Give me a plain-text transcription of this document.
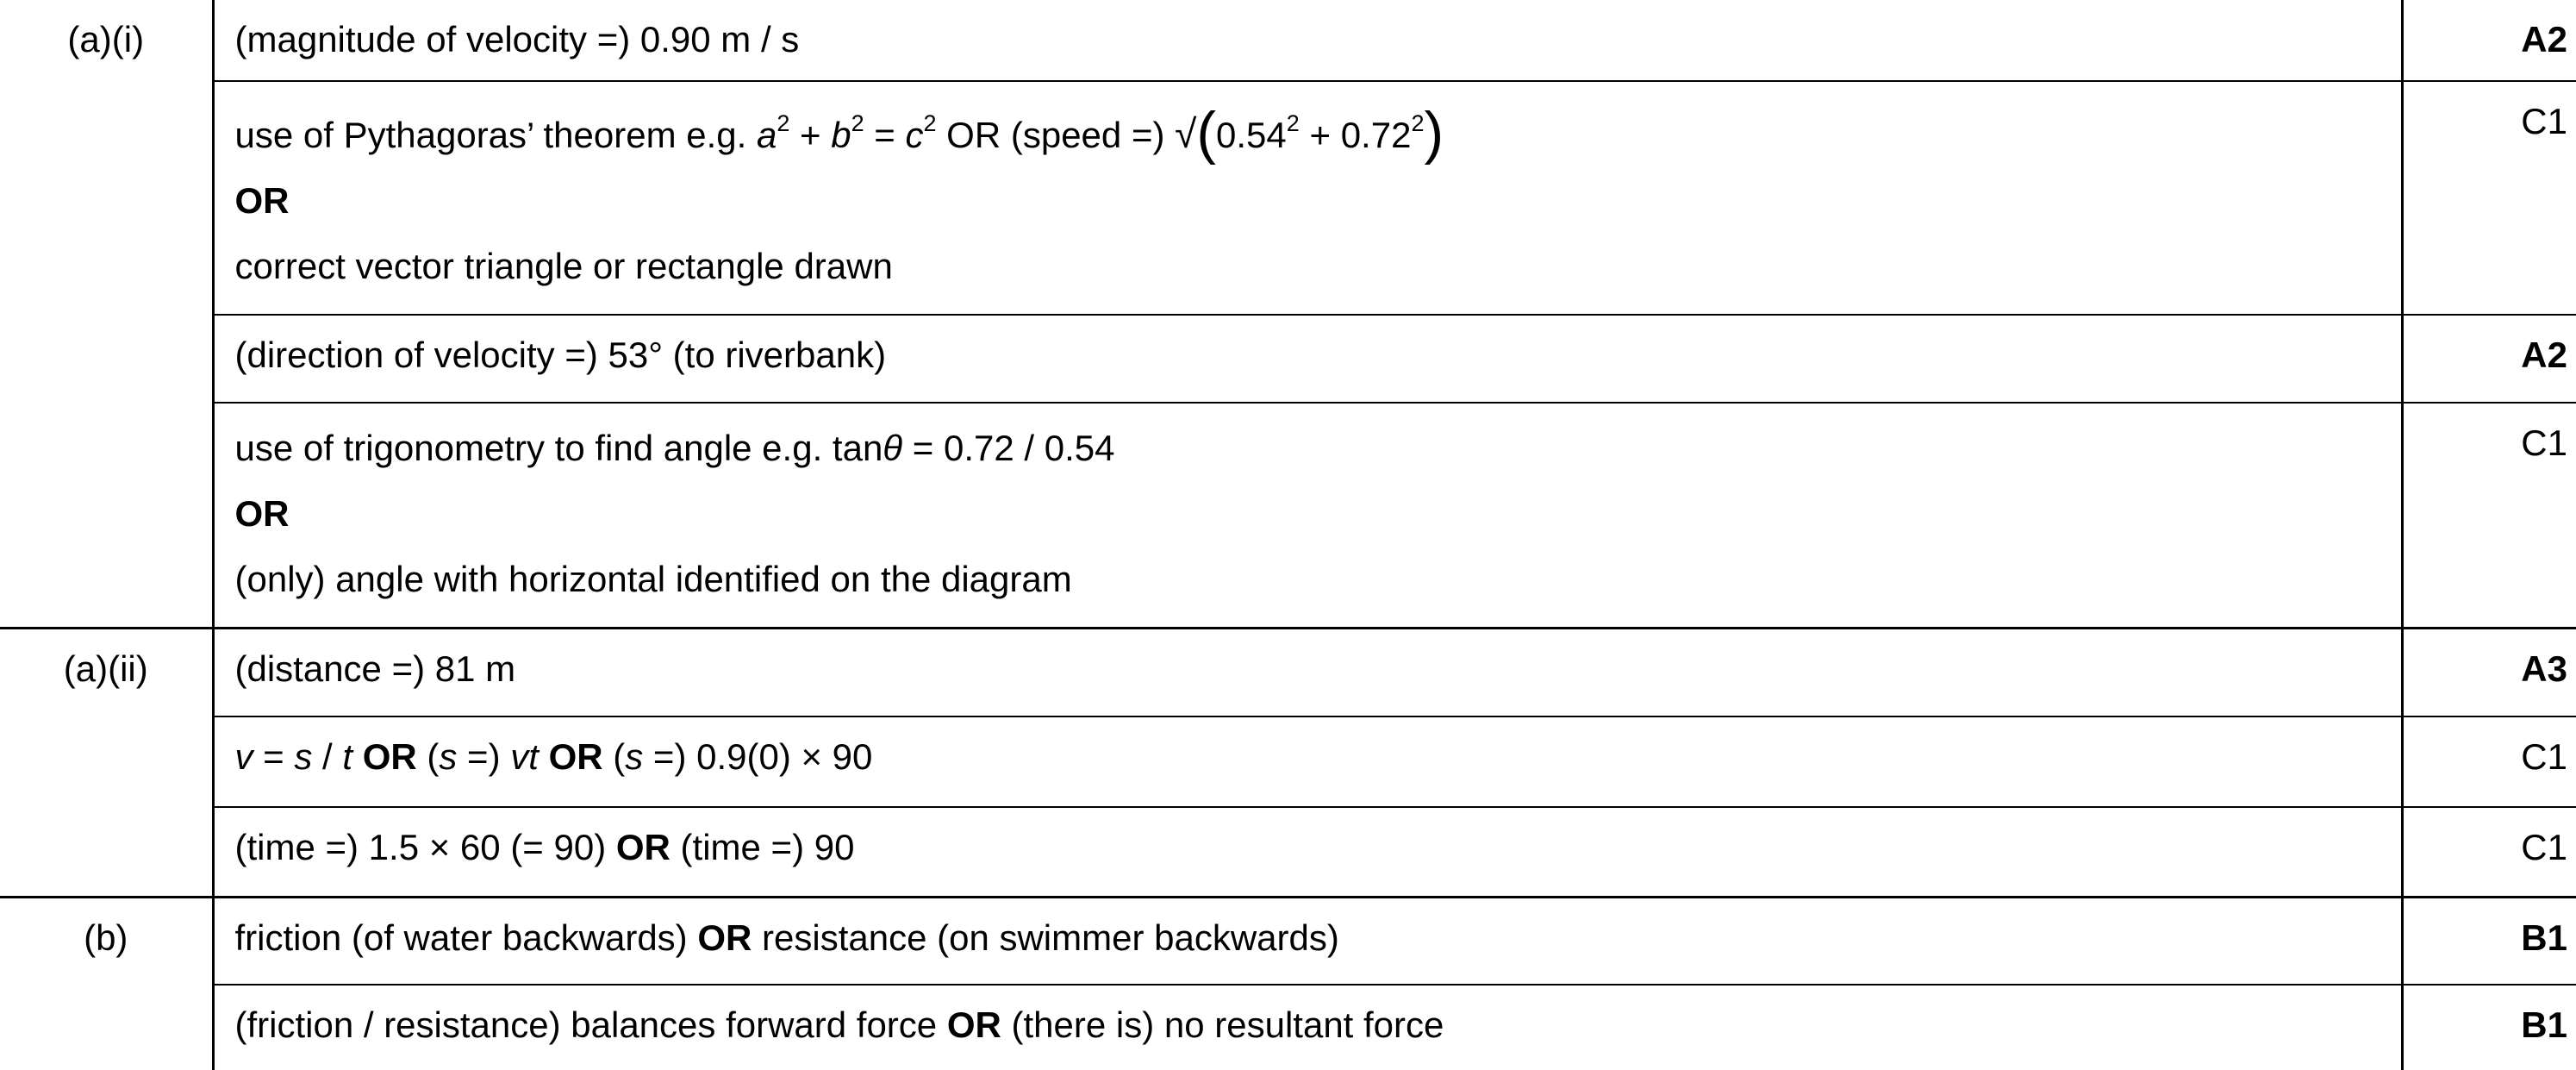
(a)(i)	(magnitude of velocity =) 0.90 m / s	A2

	use of Pythagoras’ theorem e.g. $a^2 + b^2 = c^2$ OR (speed =) $√(0.54^2 + 0.72^2)$
OR
correct vector triangle or rectangle drawn	C1
	(direction of velocity =) 53° (to riverbank)	A2

	use of trigonometry to find angle e.g. tanθ = 0.72 / 0.54
OR
(only) angle with horizontal identified on the diagram	C1
(a)(ii)	(distance =) 81 m	A3
	v = s / t OR (s =) vt OR (s =) 0.9(0) × 90	C1
	(time =) 1.5 × 60 (= 90) OR (time =) 90	C1
(b)	friction (of water backwards) OR resistance (on swimmer backwards)	B1
	(friction / resistance) balances forward force OR (there is) no resultant force	B1
